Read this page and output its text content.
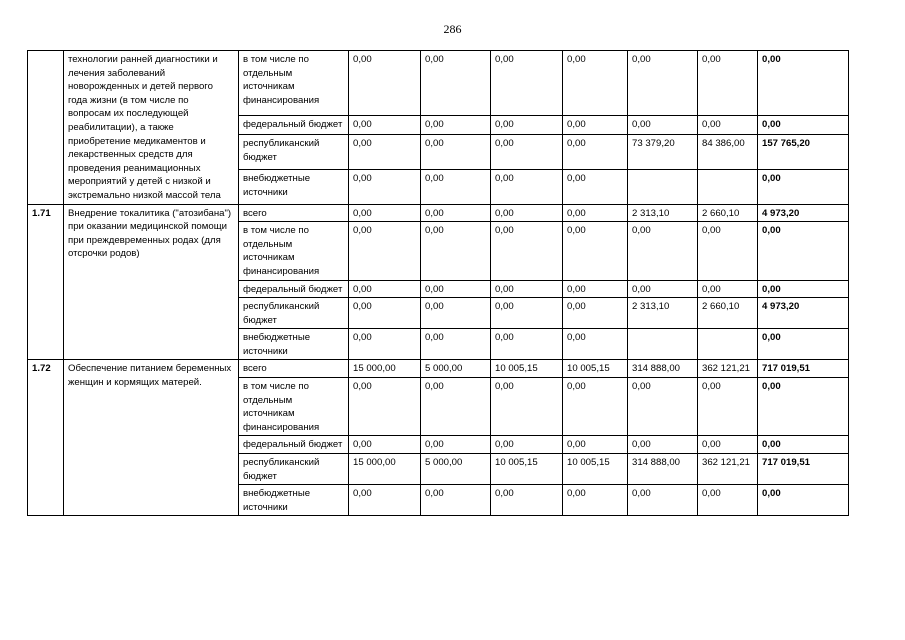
286
	технологии ранней диагностики и лечения заболеваний новорожденных и детей первого года жизни (в том числе по вопросам их последующей реабилитации), а также приобретение медикаментов и лекарственных средств для проведения реанимационных мероприятий у детей с низкой и экстремально низкой массой тела	в том числе по отдельным источникам финансирования	0,00	0,00	0,00	0,00	0,00	0,00	0,00
		федеральный бюджет	0,00	0,00	0,00	0,00	0,00	0,00	0,00
		республиканский бюджет	0,00	0,00	0,00	0,00	73 379,20	84 386,00	157 765,20
		внебюджетные источники	0,00	0,00	0,00	0,00			0,00
1.71	Внедрение токалитика ("атозибана") при оказании медицинской помощи при преждевременных родах (для отсрочки родов)	всего	0,00	0,00	0,00	0,00	2 313,10	2 660,10	4 973,20
		в том числе по отдельным источникам финансирования	0,00	0,00	0,00	0,00	0,00	0,00	0,00
		федеральный бюджет	0,00	0,00	0,00	0,00	0,00	0,00	0,00
		республиканский бюджет	0,00	0,00	0,00	0,00	2 313,10	2 660,10	4 973,20
		внебюджетные источники	0,00	0,00	0,00	0,00			0,00
1.72	Обеспечение питанием беременных женщин и кормящих матерей.	всего	15 000,00	5 000,00	10 005,15	10 005,15	314 888,00	362 121,21	717 019,51
		в том числе по отдельным источникам финансирования	0,00	0,00	0,00	0,00	0,00	0,00	0,00
		федеральный бюджет	0,00	0,00	0,00	0,00	0,00	0,00	0,00
		республиканский бюджет	15 000,00	5 000,00	10 005,15	10 005,15	314 888,00	362 121,21	717 019,51
		внебюджетные источники	0,00	0,00	0,00	0,00	0,00	0,00	0,00
